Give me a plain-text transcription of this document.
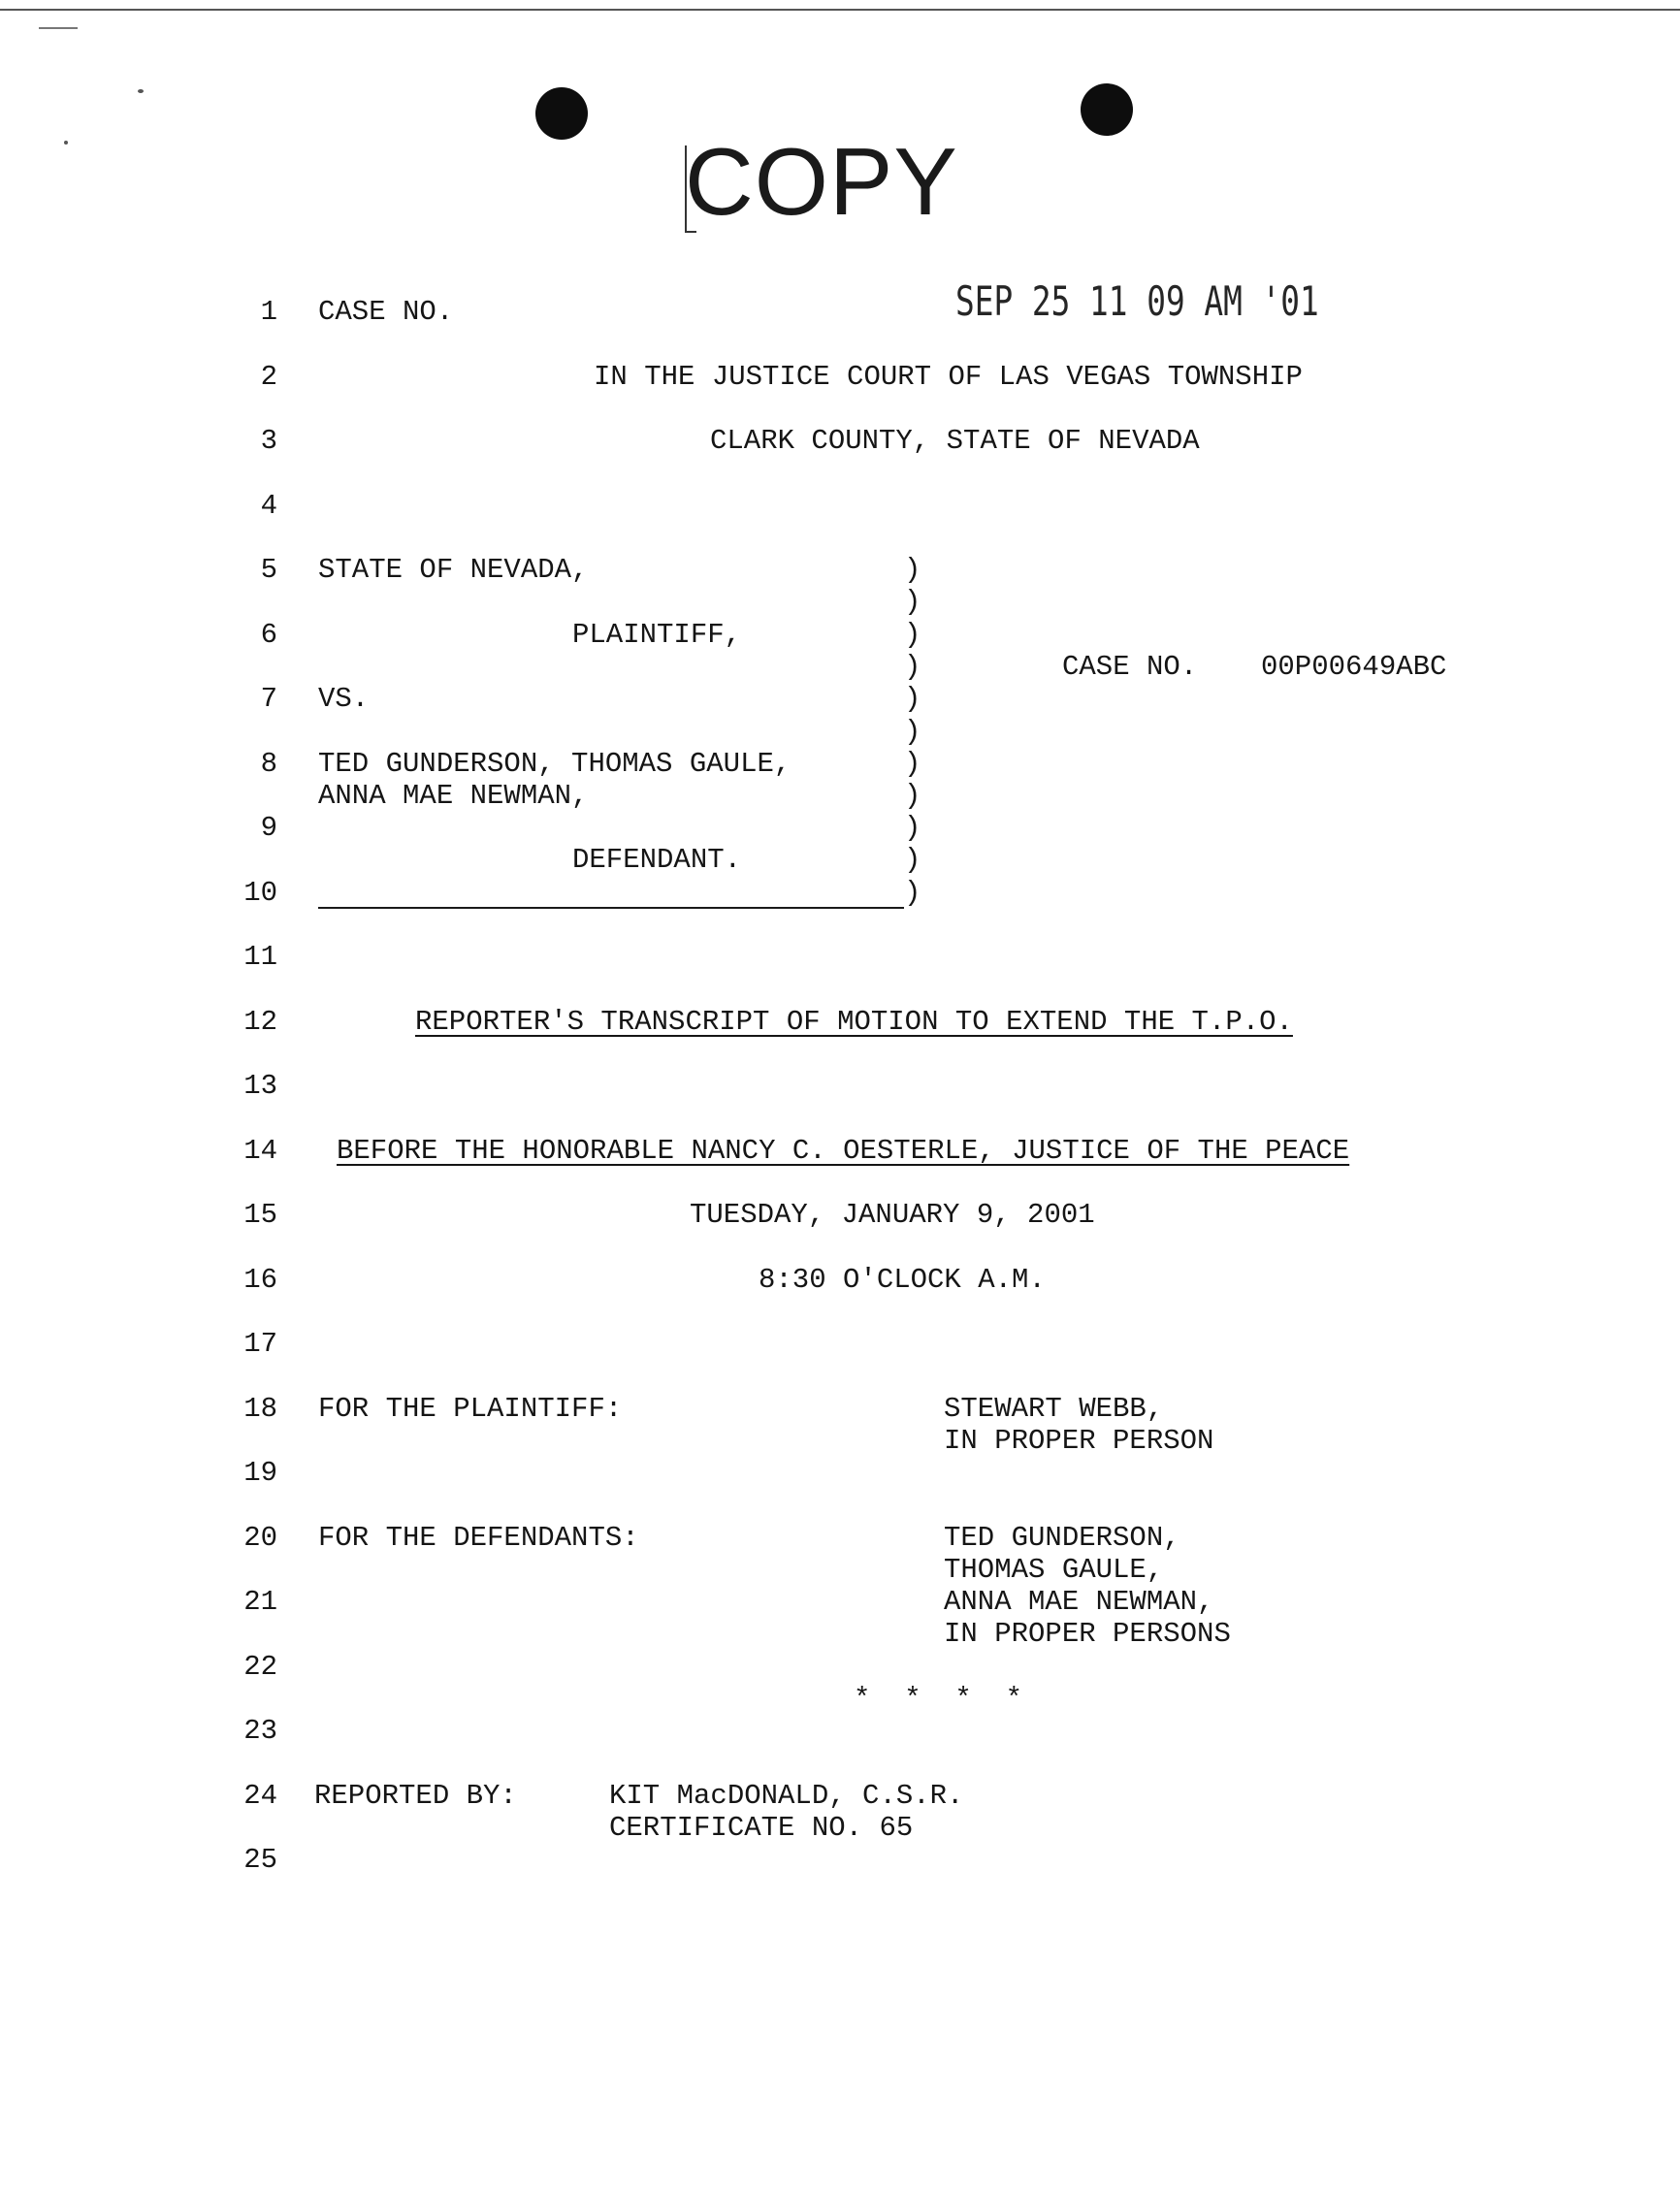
COPY
SEP 25 11 09 AM '01
1
2
3
4
5
6
7
8
9
10
11
12
13
14
15
16
17
18
19
20
21
22
23
24
25
CASE NO.
IN THE JUSTICE COURT OF LAS VEGAS TOWNSHIP
CLARK COUNTY, STATE OF NEVADA
STATE OF NEVADA,
PLAINTIFF,
VS.
TED GUNDERSON, THOMAS GAULE,
ANNA MAE NEWMAN,
DEFENDANT.
)
)
)
)
)
)
)
)
)
)
)
CASE NO. 00P00649ABC
REPORTER'S TRANSCRIPT OF MOTION TO EXTEND THE T.P.O.
BEFORE THE HONORABLE NANCY C. OESTERLE, JUSTICE OF THE PEACE
TUESDAY, JANUARY 9, 2001
8:30 O'CLOCK A.M.
FOR THE PLAINTIFF:	STEWART WEBB,
IN PROPER PERSON
FOR THE DEFENDANTS:	TED GUNDERSON,
THOMAS GAULE,
ANNA MAE NEWMAN,
IN PROPER PERSONS
*  *  *  *
REPORTED BY:	KIT MacDONALD, C.S.R.
CERTIFICATE NO. 65
